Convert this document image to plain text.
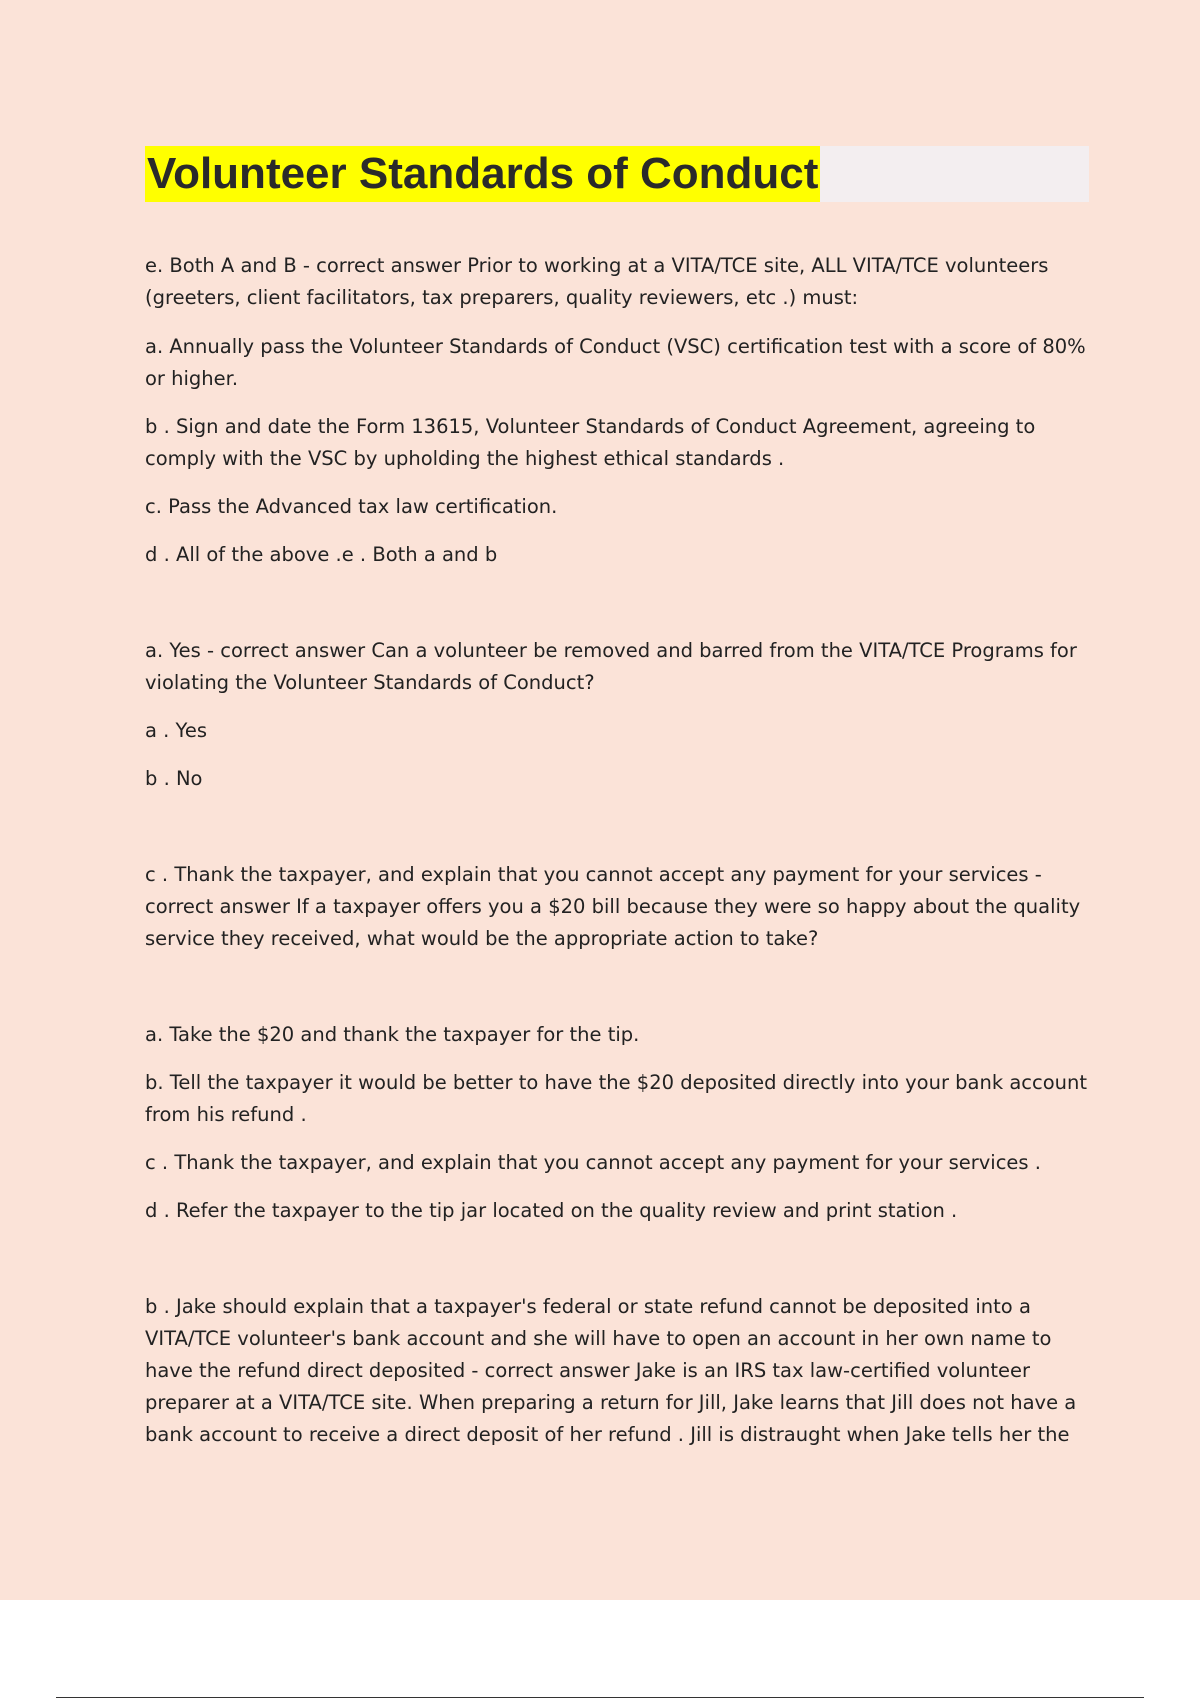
Volunteer Standards of Conduct

e. Both A and B - correct answer Prior to working at a VITA/TCE site, ALL VITA/TCE volunteers (greeters, client facilitators, tax preparers, quality reviewers, etc .) must:

a. Annually pass the Volunteer Standards of Conduct (VSC) certification test with a score of 80% or higher.

b . Sign and date the Form 13615, Volunteer Standards of Conduct Agreement, agreeing to comply with the VSC by upholding the highest ethical standards .

c. Pass the Advanced tax law certification.

d . All of the above .e . Both a and b

a. Yes - correct answer Can a volunteer be removed and barred from the VITA/TCE Programs for violating the Volunteer Standards of Conduct?

a . Yes

b . No

c . Thank the taxpayer, and explain that you cannot accept any payment for your services - correct answer If a taxpayer offers you a $20 bill because they were so happy about the quality service they received, what would be the appropriate action to take?

a. Take the $20 and thank the taxpayer for the tip.

b. Tell the taxpayer it would be better to have the $20 deposited directly into your bank account from his refund .

c . Thank the taxpayer, and explain that you cannot accept any payment for your services .

d . Refer the taxpayer to the tip jar located on the quality review and print station .

b . Jake should explain that a taxpayer's federal or state refund cannot be deposited into a VITA/TCE volunteer's bank account and she will have to open an account in her own name to have the refund direct deposited - correct answer Jake is an IRS tax law-certified volunteer preparer at a VITA/TCE site. When preparing a return for Jill, Jake learns that Jill does not have a bank account to receive a direct deposit of her refund . Jill is distraught when Jake tells her the
